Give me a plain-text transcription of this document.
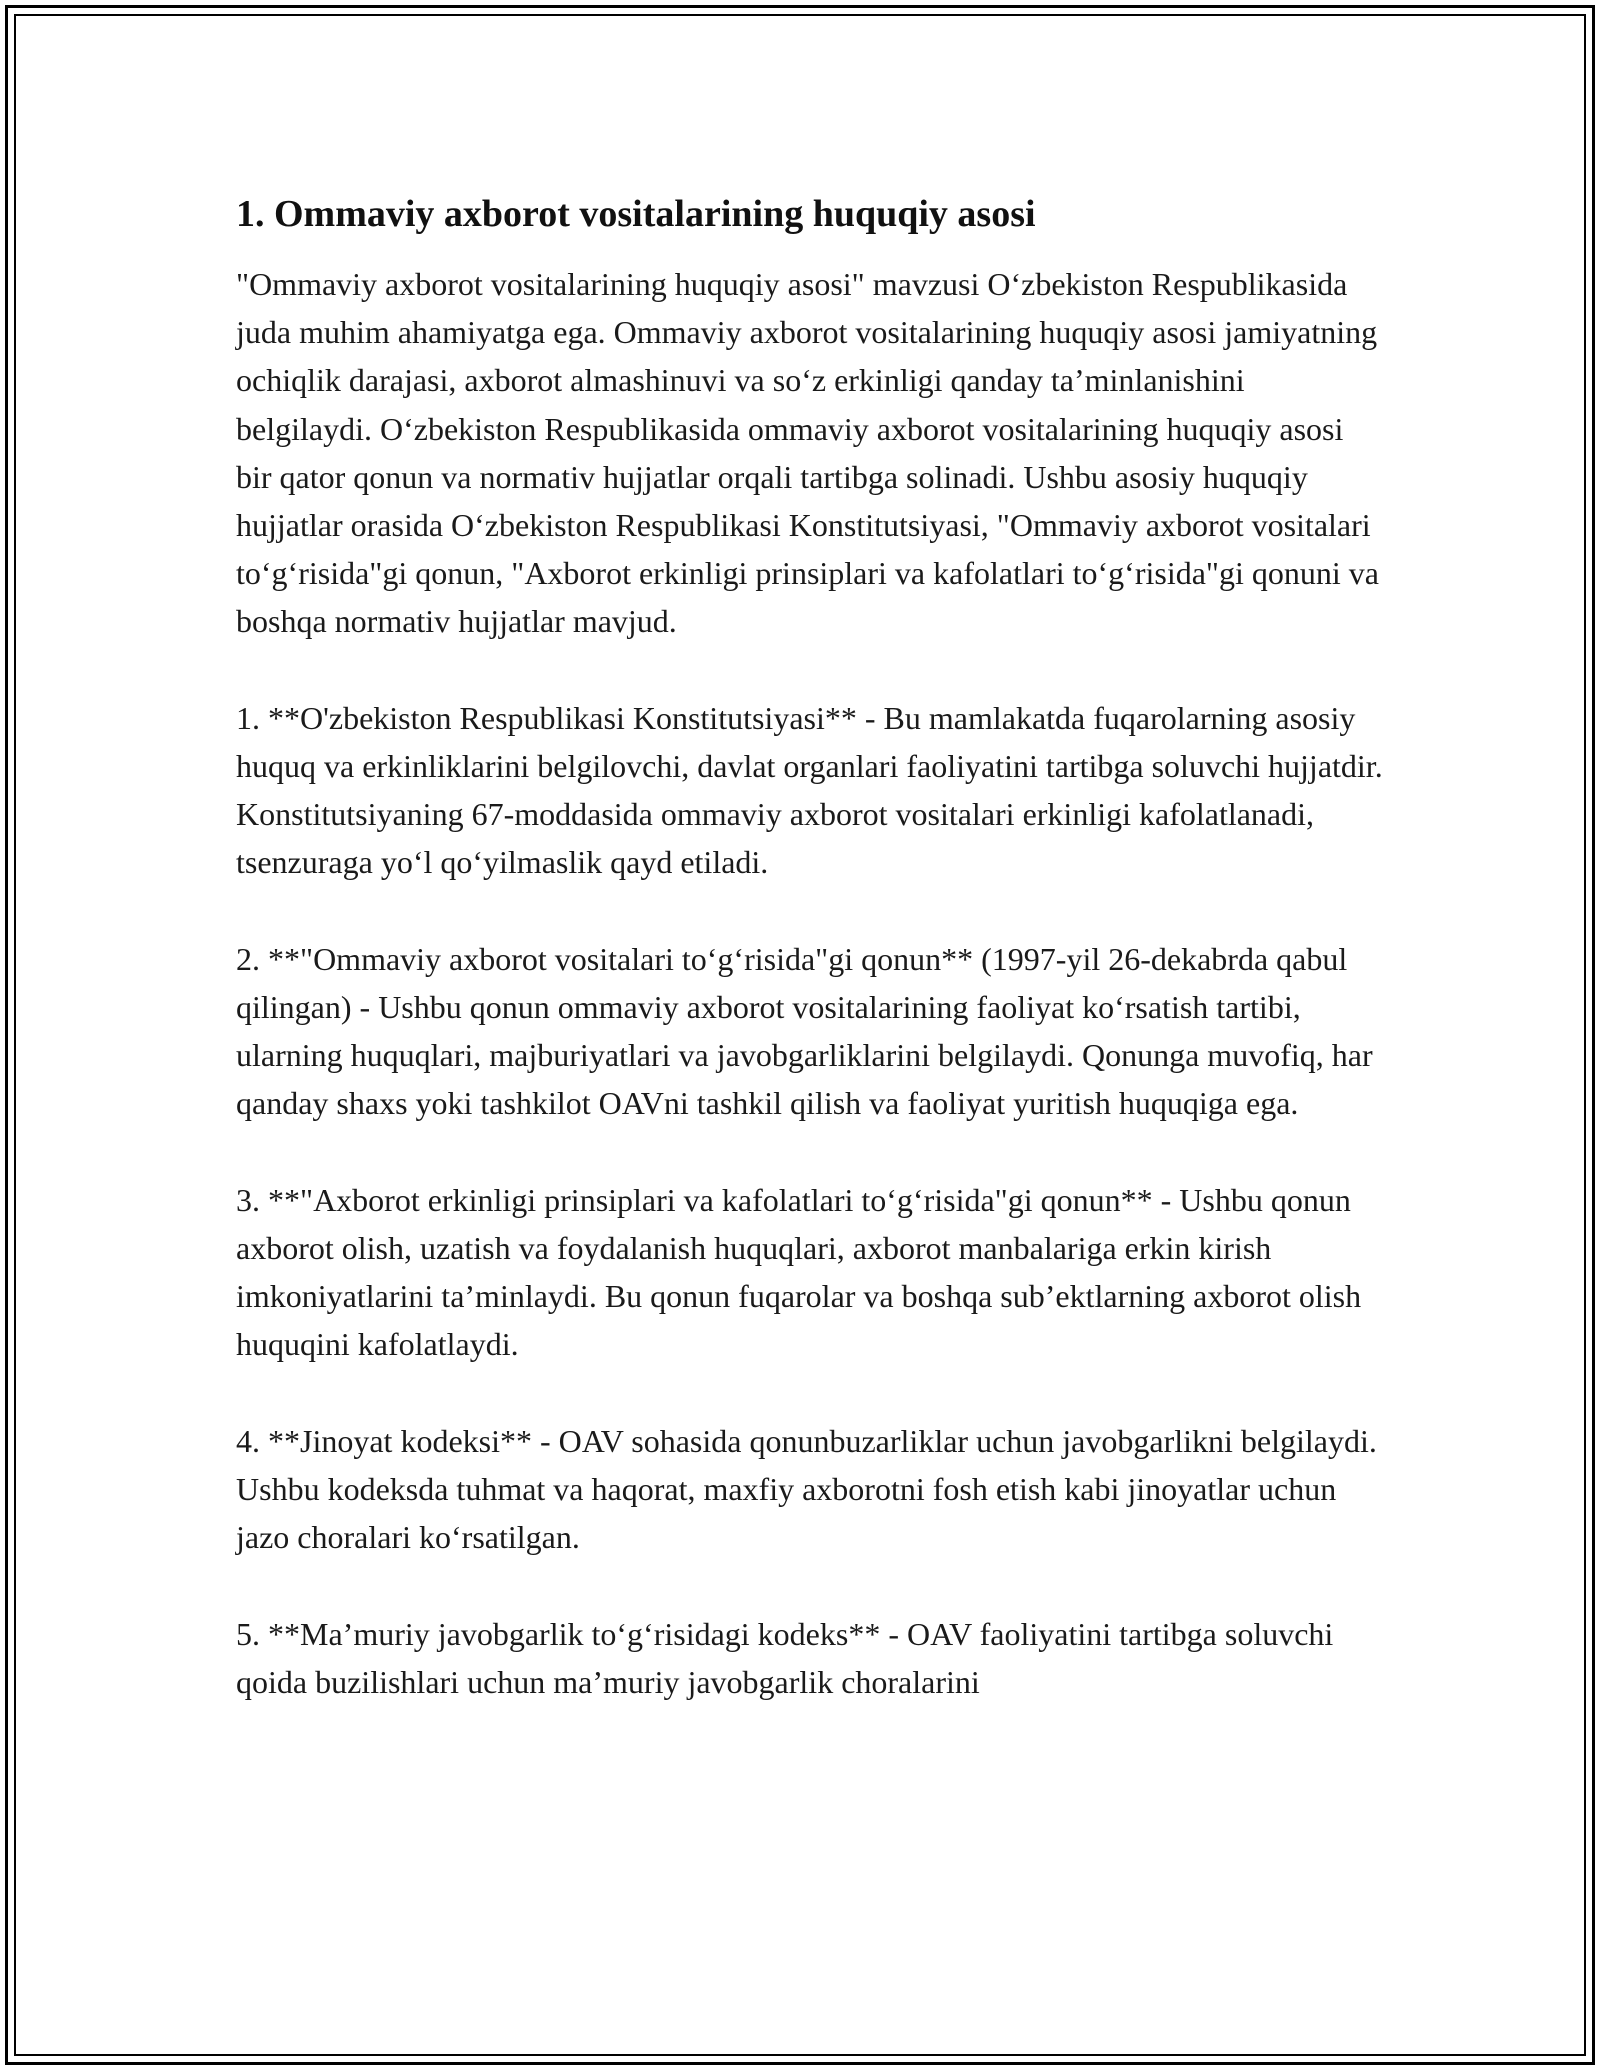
1. Ommaviy axborot vositalarining huquqiy asosi

"Ommaviy axborot vositalarining huquqiy asosi" mavzusi O‘zbekiston Respublikasida juda muhim ahamiyatga ega. Ommaviy axborot vositalarining huquqiy asosi jamiyatning ochiqlik darajasi, axborot almashinuvi va so‘z erkinligi qanday ta’minlanishini belgilaydi. O‘zbekiston Respublikasida ommaviy axborot vositalarining huquqiy asosi bir qator qonun va normativ hujjatlar orqali tartibga solinadi. Ushbu asosiy huquqiy hujjatlar orasida O‘zbekiston Respublikasi Konstitutsiyasi, "Ommaviy axborot vositalari to‘g‘risida"gi qonun, "Axborot erkinligi prinsiplari va kafolatlari to‘g‘risida"gi qonuni va boshqa normativ hujjatlar mavjud.

1. **O'zbekiston Respublikasi Konstitutsiyasi** - Bu mamlakatda fuqarolarning asosiy huquq va erkinliklarini belgilovchi, davlat organlari faoliyatini tartibga soluvchi hujjatdir. Konstitutsiyaning 67-moddasida ommaviy axborot vositalari erkinligi kafolatlanadi, tsenzuraga yo‘l qo‘yilmaslik qayd etiladi.

2. **"Ommaviy axborot vositalari to‘g‘risida"gi qonun** (1997-yil 26-dekabrda qabul qilingan) - Ushbu qonun ommaviy axborot vositalarining faoliyat ko‘rsatish tartibi, ularning huquqlari, majburiyatlari va javobgarliklarini belgilaydi. Qonunga muvofiq, har qanday shaxs yoki tashkilot OAVni tashkil qilish va faoliyat yuritish huquqiga ega.

3. **"Axborot erkinligi prinsiplari va kafolatlari to‘g‘risida"gi qonun** - Ushbu qonun axborot olish, uzatish va foydalanish huquqlari, axborot manbalariga erkin kirish imkoniyatlarini ta’minlaydi. Bu qonun fuqarolar va boshqa sub’ektlarning axborot olish huquqini kafolatlaydi.

4. **Jinoyat kodeksi** - OAV sohasida qonunbuzarliklar uchun javobgarlikni belgilaydi. Ushbu kodeksda tuhmat va haqorat, maxfiy axborotni fosh etish kabi jinoyatlar uchun jazo choralari ko‘rsatilgan.

5. **Ma’muriy javobgarlik to‘g‘risidagi kodeks** - OAV faoliyatini tartibga soluvchi qoida buzilishlari uchun ma’muriy javobgarlik choralarini
